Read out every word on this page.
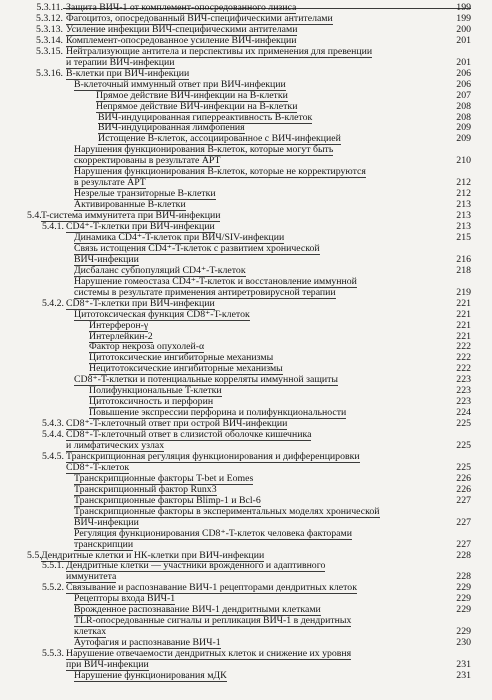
5.3.11. Защита ВИЧ-1 от комплемент-опосредованного лизиса	199
5.3.12. Фагоцитоз, опосредованный ВИЧ-специфическими антителами	199
5.3.13. Усиление инфекции ВИЧ-специфическими антителами	200
5.3.14. Комплемент-опосредованное усиление ВИЧ-инфекции	201
5.3.15. Нейтрализующие антитела и перспективы их применения для превенции
и терапии ВИЧ-инфекции	201
5.3.16. В-клетки при ВИЧ-инфекции	206
В-клеточный иммунный ответ при ВИЧ-инфекции	206
Прямое действие ВИЧ-инфекции на В-клетки	207
Непрямое действие ВИЧ-инфекции на В-клетки	208
ВИЧ-индуцированная гиперреактивность В-клеток	208
ВИЧ-индуцированная лимфопения	209
Истощение В-клеток, ассоциированное с ВИЧ-инфекцией	209
Нарушения функционирования В-клеток, которые могут быть
скорректированы в результате АРТ	210
Нарушения функционирования В-клеток, которые не корректируются
в результате АРТ	212
Незрелые транзиторные В-клетки	212
Активированные В-клетки	213
5.4. T-система иммунитета при ВИЧ-инфекции	213
5.4.1. CD4⁺-T-клетки при ВИЧ-инфекции	213
Динамика CD4⁺-T-клеток при ВИЧ/SIV-инфекции	215
Связь истощения CD4⁺-T-клеток с развитием хронической
ВИЧ-инфекции	216
Дисбаланс субпопуляций CD4⁺-T-клеток	218
Нарушение гомеостаза CD4⁺-T-клеток и восстановление иммунной
системы в результате применения антиретровирусной терапии	219
5.4.2. CD8⁺-T-клетки при ВИЧ-инфекции	221
Цитотоксическая функция CD8⁺-T-клеток	221
Интерферон-γ	221
Интерлейкин-2	221
Фактор некроза опухолей-α	222
Цитотоксические ингибиторные механизмы	222
Нецитотоксические ингибиторные механизмы	222
CD8⁺-T-клетки и потенциальные корреляты иммунной защиты	223
Полифункциональные T-клетки	223
Цитотоксичность и перфорин	223
Повышение экспрессии перфорина и полифункциональности	224
5.4.3. CD8⁺-T-клеточный ответ при острой ВИЧ-инфекции	225
5.4.4. CD8⁺-T-клеточный ответ в слизистой оболочке кишечника
и лимфатических узлах	225
5.4.5. Транскрипционная регуляция функционирования и дифференцировки
CD8⁺-T-клеток	225
Транскрипционные факторы T-bet и Eomes	226
Транскрипционный фактор Runx3	226
Транскрипционные факторы Blimp-1 и Bcl-6	227
Транскрипционные факторы в экспериментальных моделях хронической
ВИЧ-инфекции	227
Регуляция функционирования CD8⁺-T-клеток человека факторами
транскрипции	227
5.5. Дендритные клетки и НК-клетки при ВИЧ-инфекции	228
5.5.1. Дендритные клетки — участники врожденного и адаптивного
иммунитета	228
5.5.2. Связывание и распознавание ВИЧ-1 рецепторами дендритных клеток	229
Рецепторы входа ВИЧ-1	229
Врожденное распознавание ВИЧ-1 дендритными клетками	229
TLR-опосредованные сигналы и репликация ВИЧ-1 в дендритных
клетках	229
Аутофагия и распознавание ВИЧ-1	230
5.5.3. Нарушение отвечаемости дендритных клеток и снижение их уровня
при ВИЧ-инфекции	231
Нарушение функционирования мДК	231
